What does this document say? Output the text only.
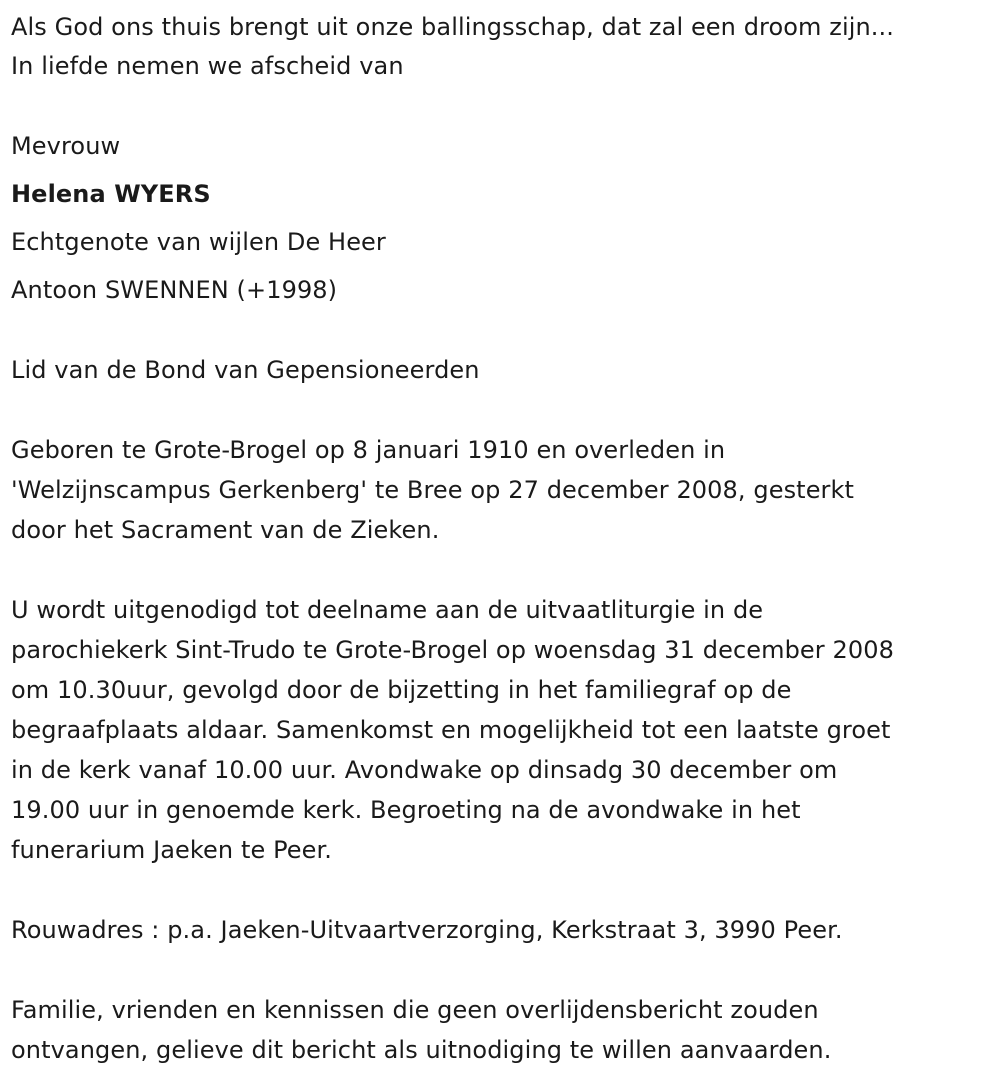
Als God ons thuis brengt uit onze ballingsschap, dat zal een droom zijn...
In liefde nemen we afscheid van
Mevrouw
Helena WYERS
Echtgenote van wijlen De Heer
Antoon SWENNEN (+1998)
Lid van de Bond van Gepensioneerden
Geboren te Grote-Brogel op 8 januari 1910 en overleden in
'Welzijnscampus Gerkenberg' te Bree op 27 december 2008, gesterkt
door het Sacrament van de Zieken.
U wordt uitgenodigd tot deelname aan de uitvaatliturgie in de
parochiekerk Sint-Trudo te Grote-Brogel op woensdag 31 december 2008
om 10.30uur, gevolgd door de bijzetting in het familiegraf op de
begraafplaats aldaar. Samenkomst en mogelijkheid tot een laatste groet
in de kerk vanaf 10.00 uur. Avondwake op dinsadg 30 december om
19.00 uur in genoemde kerk. Begroeting na de avondwake in het
funerarium Jaeken te Peer.
Rouwadres : p.a. Jaeken-Uitvaartverzorging, Kerkstraat 3, 3990 Peer.
Familie, vrienden en kennissen die geen overlijdensbericht zouden
ontvangen, gelieve dit bericht als uitnodiging te willen aanvaarden.
